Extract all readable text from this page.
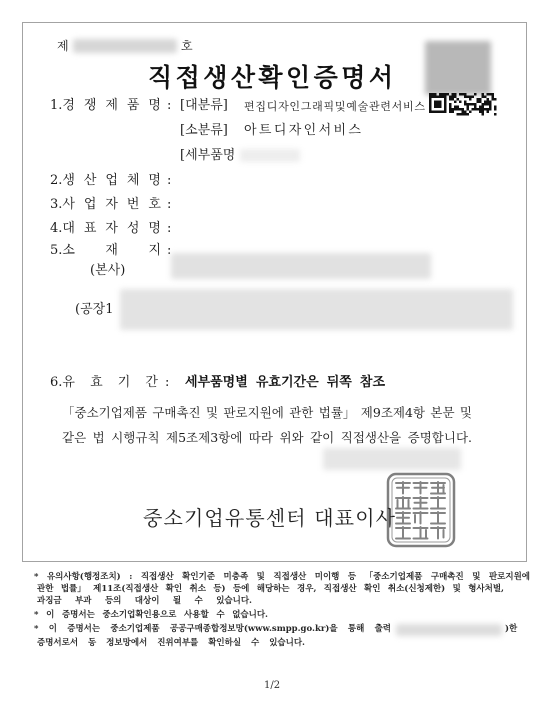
제	호
직접생산확인증명서
1.경 쟁 제 품 명 : [대분류] 편집디자인그래픽및예술관련서비스
[소분류] 아트디자인서비스
[세부품명
2.생 산 업 체 명 :
3.사 업 자 번 호 :
4.대 표 자 성 명 :
5.소 재 지 :
(본사)
(공장1
6.유 효 기 간 : 세부품명별 유효기간은 뒤쪽 참조
「중소기업제품 구매촉진 및 판로지원에 관한 법률」 제9조제4항 본문 및
같은 법 시행규칙 제5조제3항에 따라 위와 같이 직접생산을 증명합니다.
중소기업유통센터 대표이사
* 유의사항(행정조치) : 직접생산 확인기준 미충족 및 직접생산 미이행 등 「중소기업제품 구매촉진 및 판로지원에
관한 법률」 제11조(직접생산 확인 취소 등) 등에 해당하는 경우, 직접생산 확인 취소(신청제한) 및 형사처벌,
과징금 부과 등의 대상이 될 수 있습니다.
* 이 증명서는 중소기업확인용으로 사용할 수 없습니다.
* 이 증명서는 중소기업제품 공공구매종합정보망(www.smpp.go.kr)을 통해 출력	)한
증명서로서 동 정보망에서 진위여부를 확인하실 수 있습니다.
1/2
